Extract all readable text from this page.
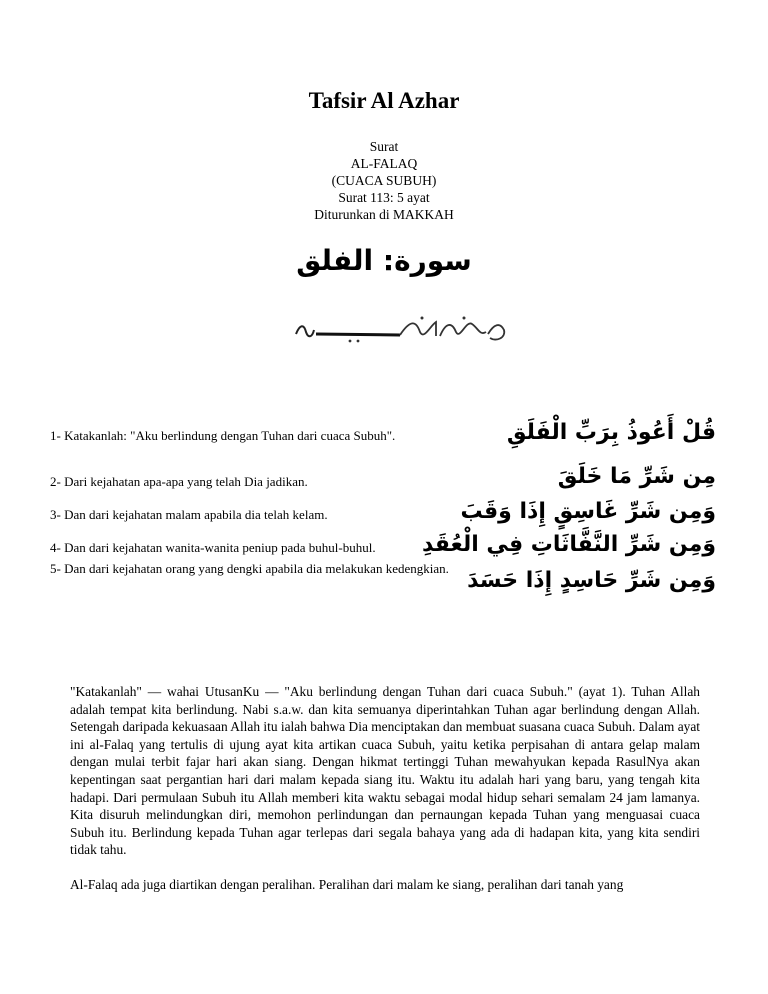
Tafsir Al Azhar
Surat
AL-FALAQ
(CUACA SUBUH)
Surat 113: 5 ayat
Diturunkan di MAKKAH
سورة: الفلق
1- Katakanlah: "Aku berlindung dengan Tuhan dari cuaca Subuh".	قُلْ أَعُوذُ بِرَبِّ الْفَلَقِ
2- Dari kejahatan apa-apa yang telah Dia jadikan.	مِن شَرِّ مَا خَلَقَ
3- Dan dari kejahatan malam apabila dia telah kelam.	وَمِن شَرِّ غَاسِقٍ إِذَا وَقَبَ
4- Dan dari kejahatan wanita-wanita peniup pada buhul-buhul.	وَمِن شَرِّ النَّفَّاثَاتِ فِي الْعُقَدِ
5- Dan dari kejahatan orang yang dengki apabila dia melakukan kedengkian. وَمِن شَرِّ حَاسِدٍ إِذَا حَسَدَ

"Katakanlah" — wahai UtusanKu — "Aku berlindung dengan Tuhan dari cuaca Subuh." (ayat 1). Tuhan Allah adalah tempat kita berlindung. Nabi s.a.w. dan kita semuanya diperintahkan Tuhan agar berlindung dengan Allah. Setengah daripada kekuasaan Allah itu ialah bahwa Dia menciptakan dan membuat suasana cuaca Subuh. Dalam ayat ini al-Falaq yang tertulis di ujung ayat kita artikan cuaca Subuh, yaitu ketika perpisahan di antara gelap malam dengan mulai terbit fajar hari akan siang. Dengan hikmat tertinggi Tuhan mewahyukan kepada RasulNya akan kepentingan saat pergantian hari dari malam kepada siang itu. Waktu itu adalah hari yang baru, yang tengah kita hadapi. Dari permulaan Subuh itu Allah memberi kita waktu sebagai modal hidup sehari semalam 24 jam lamanya. Kita disuruh melindungkan diri, memohon perlindungan dan pernaungan kepada Tuhan yang menguasai cuaca Subuh itu. Berlindung kepada Tuhan agar terlepas dari segala bahaya yang ada di hadapan kita, yang kita sendiri tidak tahu.

Al-Falaq ada juga diartikan dengan peralihan. Peralihan dari malam ke siang, peralihan dari tanah yang
